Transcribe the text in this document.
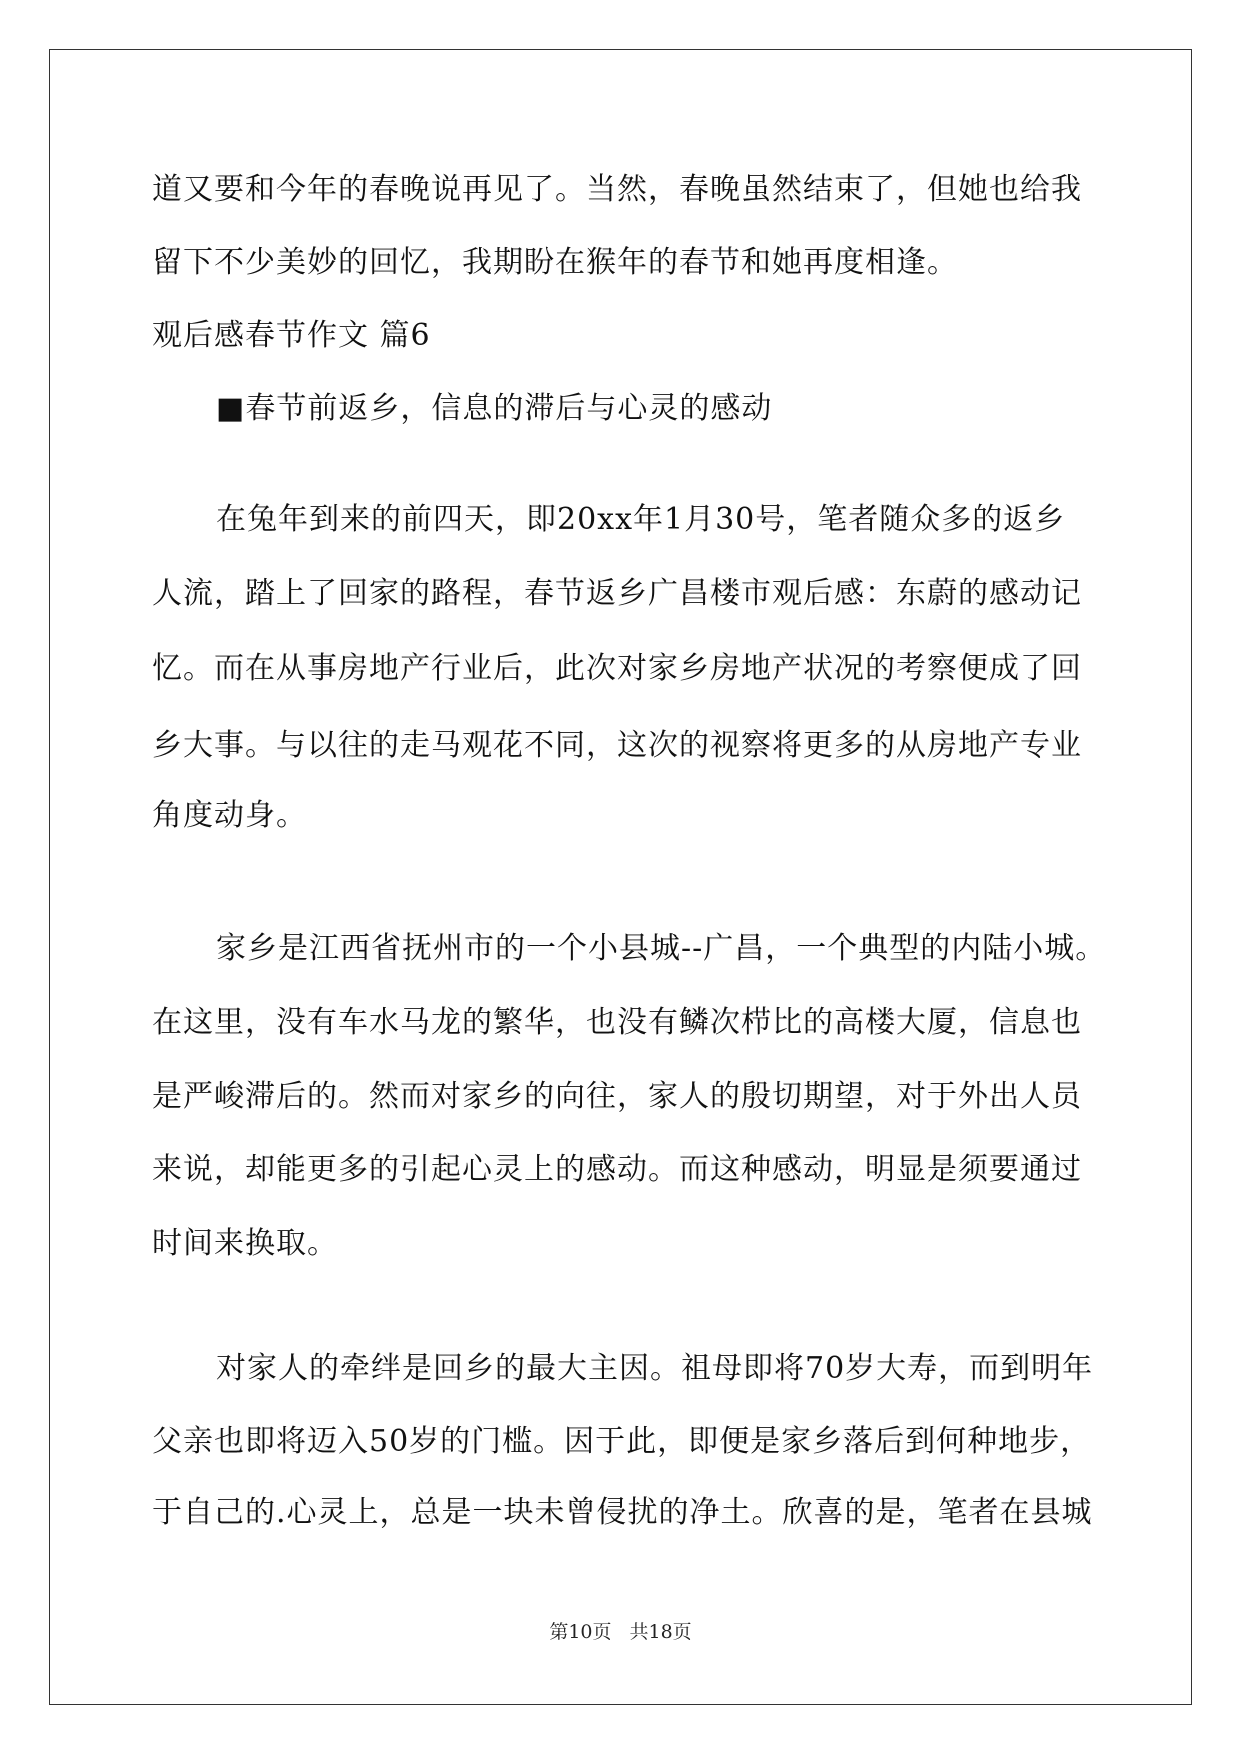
道又要和今年的春晚说再见了。当然，春晚虽然结束了，但她也给我
留下不少美妙的回忆，我期盼在猴年的春节和她再度相逢。
观后感春节作文 篇6
■春节前返乡，信息的滞后与心灵的感动
在兔年到来的前四天，即20xx年1月30号，笔者随众多的返乡
人流，踏上了回家的路程，春节返乡广昌楼市观后感：东蔚的感动记
忆。而在从事房地产行业后，此次对家乡房地产状况的考察便成了回
乡大事。与以往的走马观花不同，这次的视察将更多的从房地产专业
角度动身。
家乡是江西省抚州市的一个小县城--广昌，一个典型的内陆小城。
在这里，没有车水马龙的繁华，也没有鳞次栉比的高楼大厦，信息也
是严峻滞后的。然而对家乡的向往，家人的殷切期望，对于外出人员
来说，却能更多的引起心灵上的感动。而这种感动，明显是须要通过
时间来换取。
对家人的牵绊是回乡的最大主因。祖母即将70岁大寿，而到明年
父亲也即将迈入50岁的门槛。因于此，即便是家乡落后到何种地步，
于自己的.心灵上，总是一块未曾侵扰的净土。欣喜的是，笔者在县城
第10页 共18页
